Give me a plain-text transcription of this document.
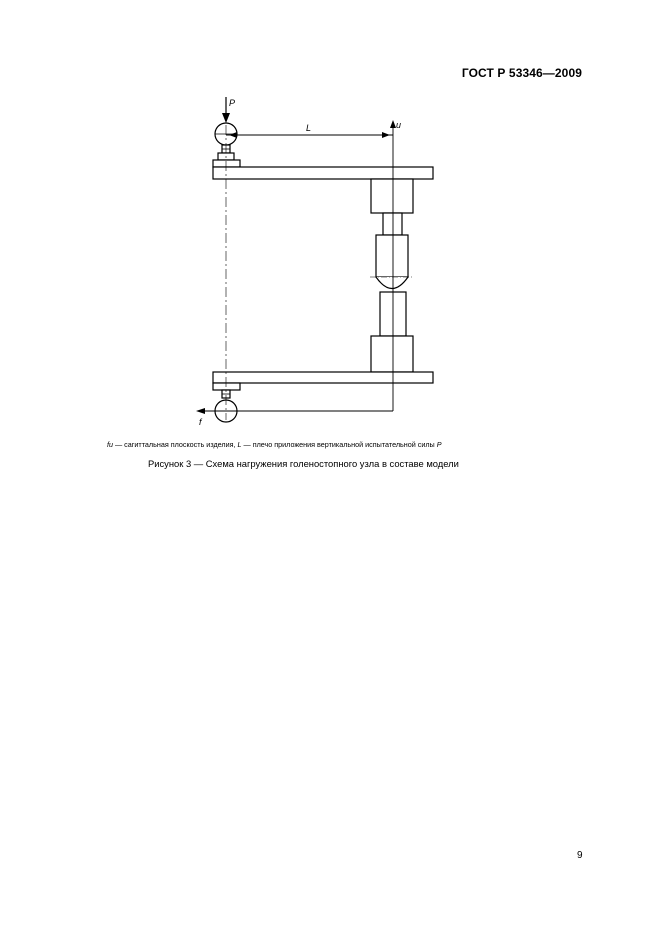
ГОСТ Р 53346—2009
P
L	u
f
fu — сагиттальная плоскость изделия, L — плечо приложения вертикальной испытательной силы P
Рисунок 3 — Схема нагружения голеностопного узла в составе модели
9
